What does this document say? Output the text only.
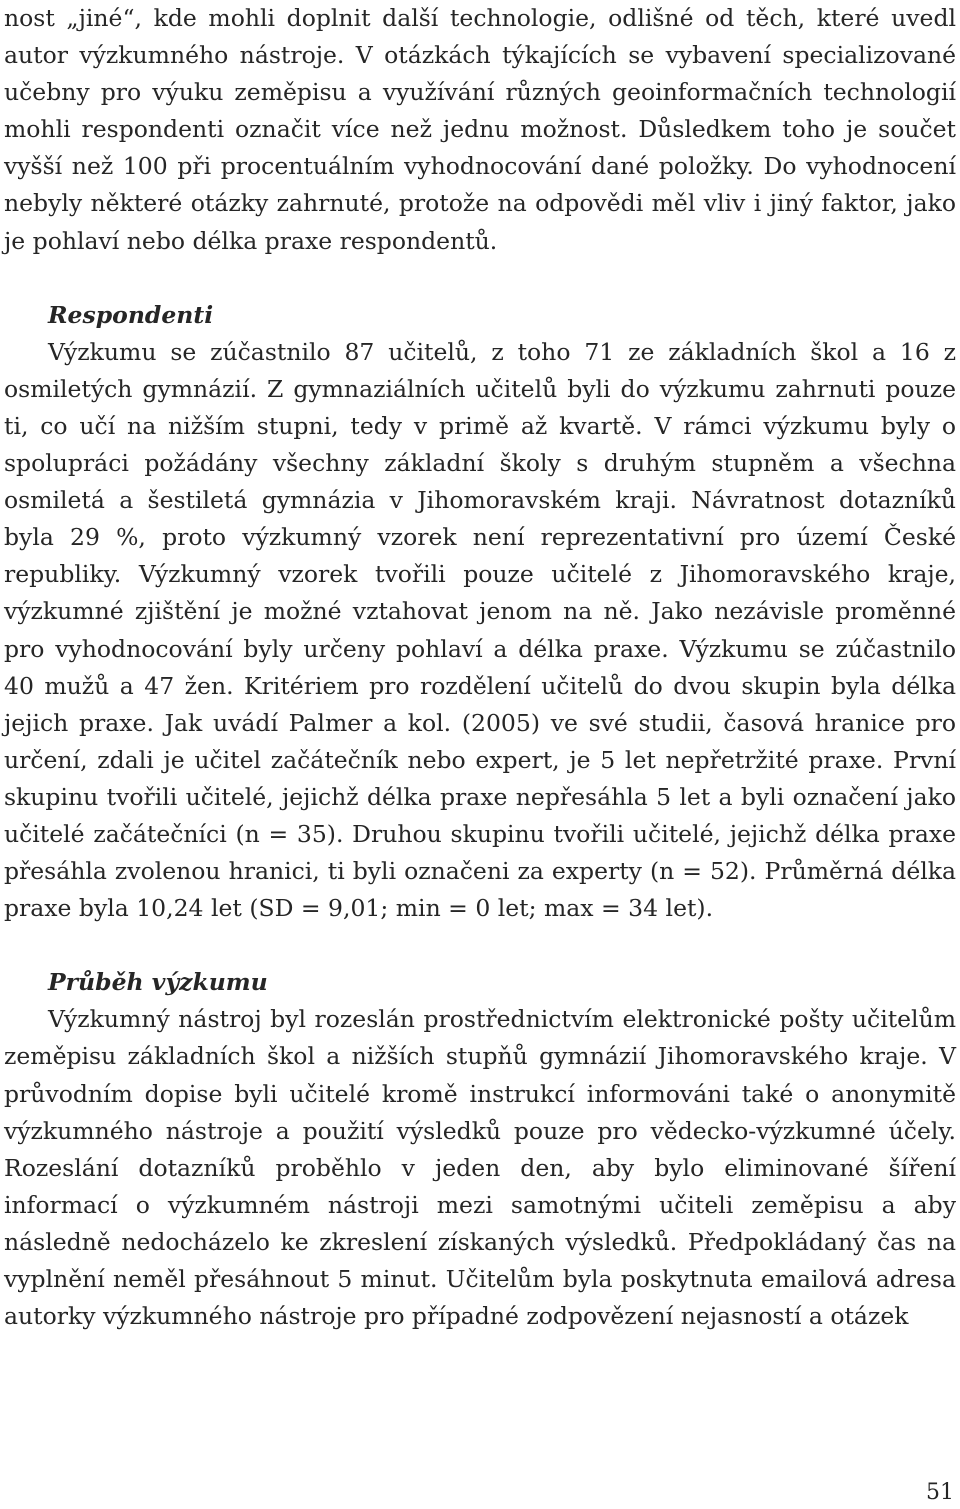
nost „jiné“, kde mohli doplnit další technologie, odlišné od těch, které uvedl autor výzkumného nástroje. V otázkách týkajících se vybavení specializované učebny pro výuku zeměpisu a využívání různých geoinformačních technologií mohli respondenti označit více než jednu možnost. Důsledkem toho je součet vyšší než 100 při procentuálním vyhodnocování dané položky. Do vyhodnocení nebyly některé otázky zahrnuté, protože na odpovědi měl vliv i jiný faktor, jako je pohlaví nebo délka praxe respondentů.

Respondenti

Výzkumu se zúčastnilo 87 učitelů, z toho 71 ze základních škol a 16 z osmiletých gymnázií. Z gymnaziálních učitelů byli do výzkumu zahrnuti pouze ti, co učí na nižším stupni, tedy v primě až kvartě. V rámci výzkumu byly o spolupráci požádány všechny základní školy s druhým stupněm a všechna osmiletá a šestiletá gymnázia v Jihomoravském kraji. Návratnost dotazníků byla 29 %, proto výzkumný vzorek není reprezentativní pro území České republiky. Výzkumný vzorek tvořili pouze učitelé z Jihomoravského kraje, výzkumné zjištění je možné vztahovat jenom na ně. Jako nezávisle proměnné pro vyhodnocování byly určeny pohlaví a délka praxe. Výzkumu se zúčastnilo 40 mužů a 47 žen. Kritériem pro rozdělení učitelů do dvou skupin byla délka jejich praxe. Jak uvádí Palmer a kol. (2005) ve své studii, časová hranice pro určení, zdali je učitel začátečník nebo expert, je 5 let nepřetržité praxe. První skupinu tvořili učitelé, jejichž délka praxe nepřesáhla 5 let a byli označení jako učitelé začátečníci (n = 35). Druhou skupinu tvořili učitelé, jejichž délka praxe přesáhla zvolenou hranici, ti byli označeni za experty (n = 52). Průměrná délka praxe byla 10,24 let (SD = 9,01; min = 0 let; max = 34 let).

Průběh výzkumu

Výzkumný nástroj byl rozeslán prostřednictvím elektronické pošty učitelům zeměpisu základních škol a nižších stupňů gymnázií Jihomoravského kraje. V průvodním dopise byli učitelé kromě instrukcí informováni také o anonymitě výzkumného nástroje a použití výsledků pouze pro vědecko-výzkumné účely. Rozeslání dotazníků proběhlo v jeden den, aby bylo eliminované šíření informací o výzkumném nástroji mezi samotnými učiteli zeměpisu a aby následně nedocházelo ke zkreslení získaných výsledků. Předpokládaný čas na vyplnění neměl přesáhnout 5 minut. Učitelům byla poskytnuta emailová adresa autorky výzkumného nástroje pro případné zodpovězení nejasností a otázek

51
